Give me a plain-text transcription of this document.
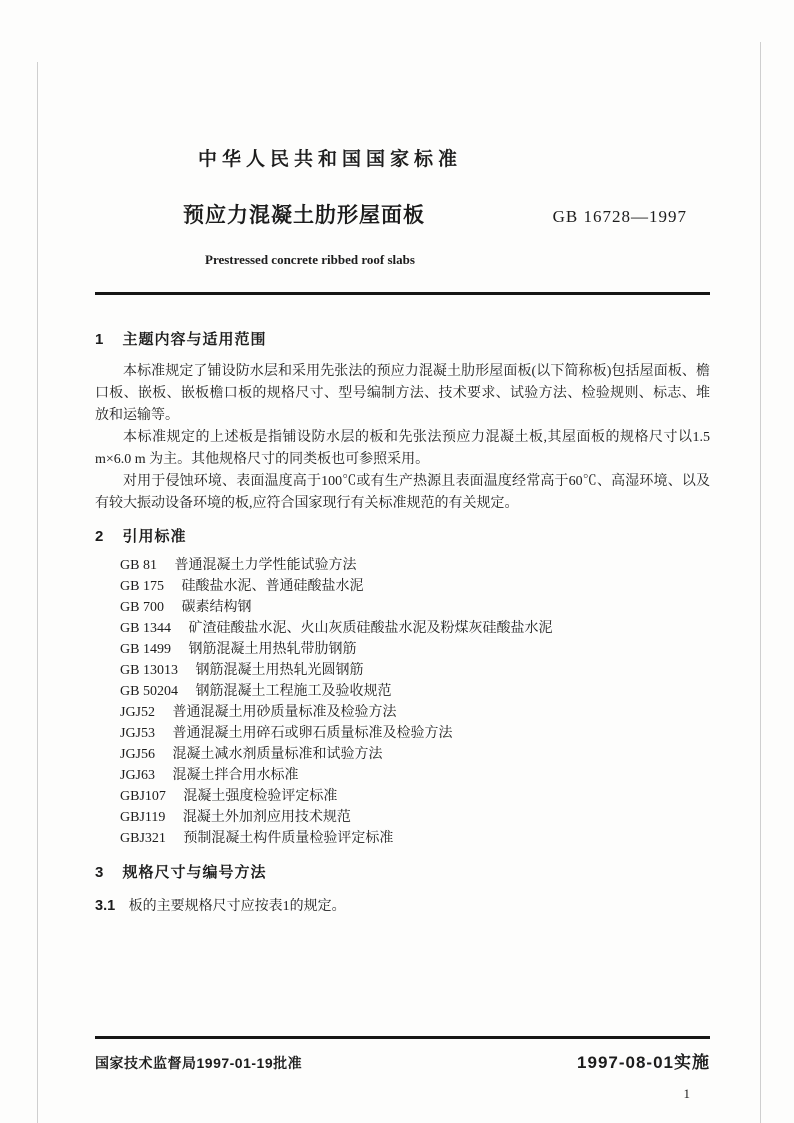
中华人民共和国国家标准
预应力混凝土肋形屋面板	GB 16728—1997
Prestressed concrete ribbed roof slabs
1 主题内容与适用范围

本标准规定了铺设防水层和采用先张法的预应力混凝土肋形屋面板(以下简称板)包括屋面板、檐口板、嵌板、嵌板檐口板的规格尺寸、型号编制方法、技术要求、试验方法、检验规则、标志、堆放和运输等。

本标准规定的上述板是指铺设防水层的板和先张法预应力混凝土板,其屋面板的规格尺寸以1.5 m×6.0 m 为主。其他规格尺寸的同类板也可参照采用。

对用于侵蚀环境、表面温度高于100℃或有生产热源且表面温度经常高于60℃、高湿环境、以及有较大振动设备环境的板,应符合国家现行有关标准规范的有关规定。

2 引用标准
GB 81 普通混凝土力学性能试验方法
GB 175 硅酸盐水泥、普通硅酸盐水泥
GB 700 碳素结构钢
GB 1344 矿渣硅酸盐水泥、火山灰质硅酸盐水泥及粉煤灰硅酸盐水泥
GB 1499 钢筋混凝土用热轧带肋钢筋
GB 13013 钢筋混凝土用热轧光圆钢筋
GB 50204 钢筋混凝土工程施工及验收规范
JGJ52 普通混凝土用砂质量标准及检验方法
JGJ53 普通混凝土用碎石或卵石质量标准及检验方法
JGJ56 混凝土减水剂质量标准和试验方法
JGJ63 混凝土拌合用水标准
GBJ107 混凝土强度检验评定标准
GBJ119 混凝土外加剂应用技术规范
GBJ321 预制混凝土构件质量检验评定标准
3 规格尺寸与编号方法
3.1 板的主要规格尺寸应按表1的规定。
国家技术监督局1997-01-19批准	1997-08-01实施
1
